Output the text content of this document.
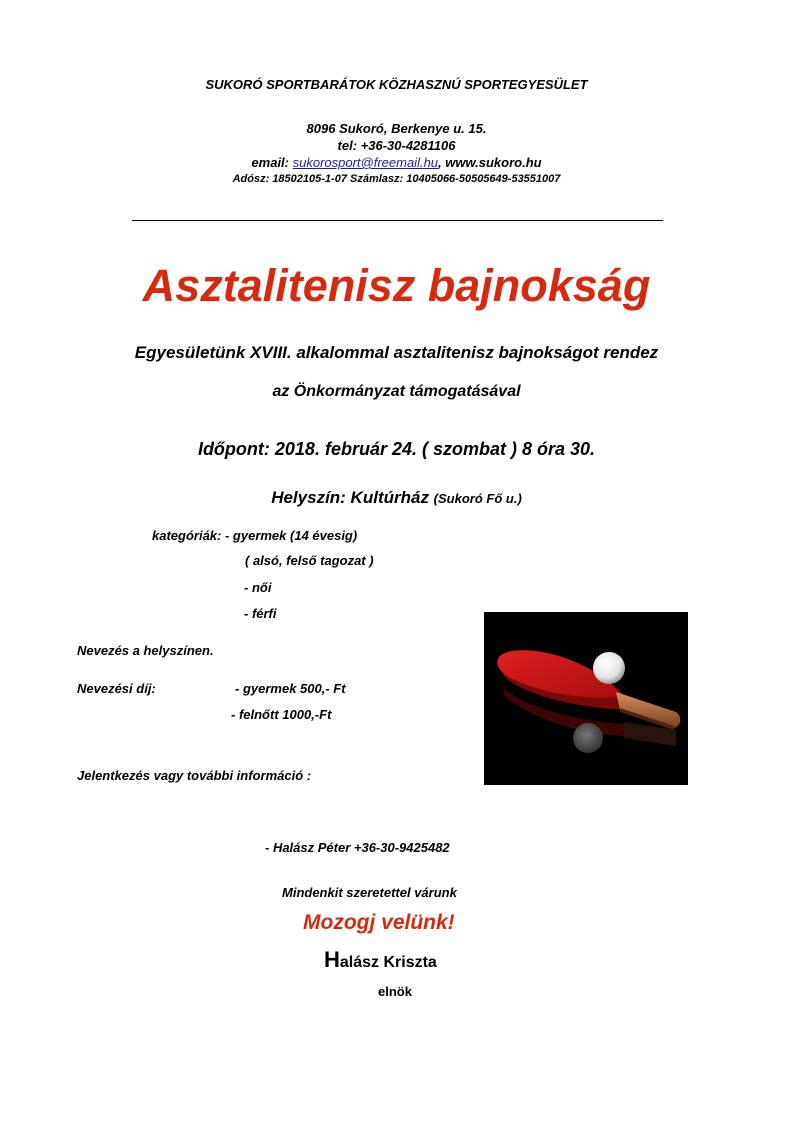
SUKORÓ SPORTBARÁTOK KÖZHASZNÚ SPORTEGYESÜLET
8096 Sukoró, Berkenye u. 15.
tel: +36-30-4281106
email: sukorosport@freemail.hu, www.sukoro.hu
Adósz: 18502105-1-07 Számlasz: 10405066-50505649-53551007
Asztalitenisz bajnokság
Egyesületünk XVIII. alkalommal asztalitenisz bajnokságot rendez
az Önkormányzat támogatásával
Időpont: 2018. február 24. ( szombat ) 8 óra 30.
Helyszín: Kultúrház (Sukoró Fő u.)
kategóriák: - gyermek (14 évesig)
( alsó, felső tagozat )
- női
- férfi
Nevezés a helyszínen.
Nevezési díj:	- gyermek 500,- Ft
- felnőtt 1000,-Ft
Jelentkezés vagy további információ :
- Halász Péter +36-30-9425482
Mindenkit szeretettel várunk
Mozogj velünk!
Halász Kriszta
elnök
